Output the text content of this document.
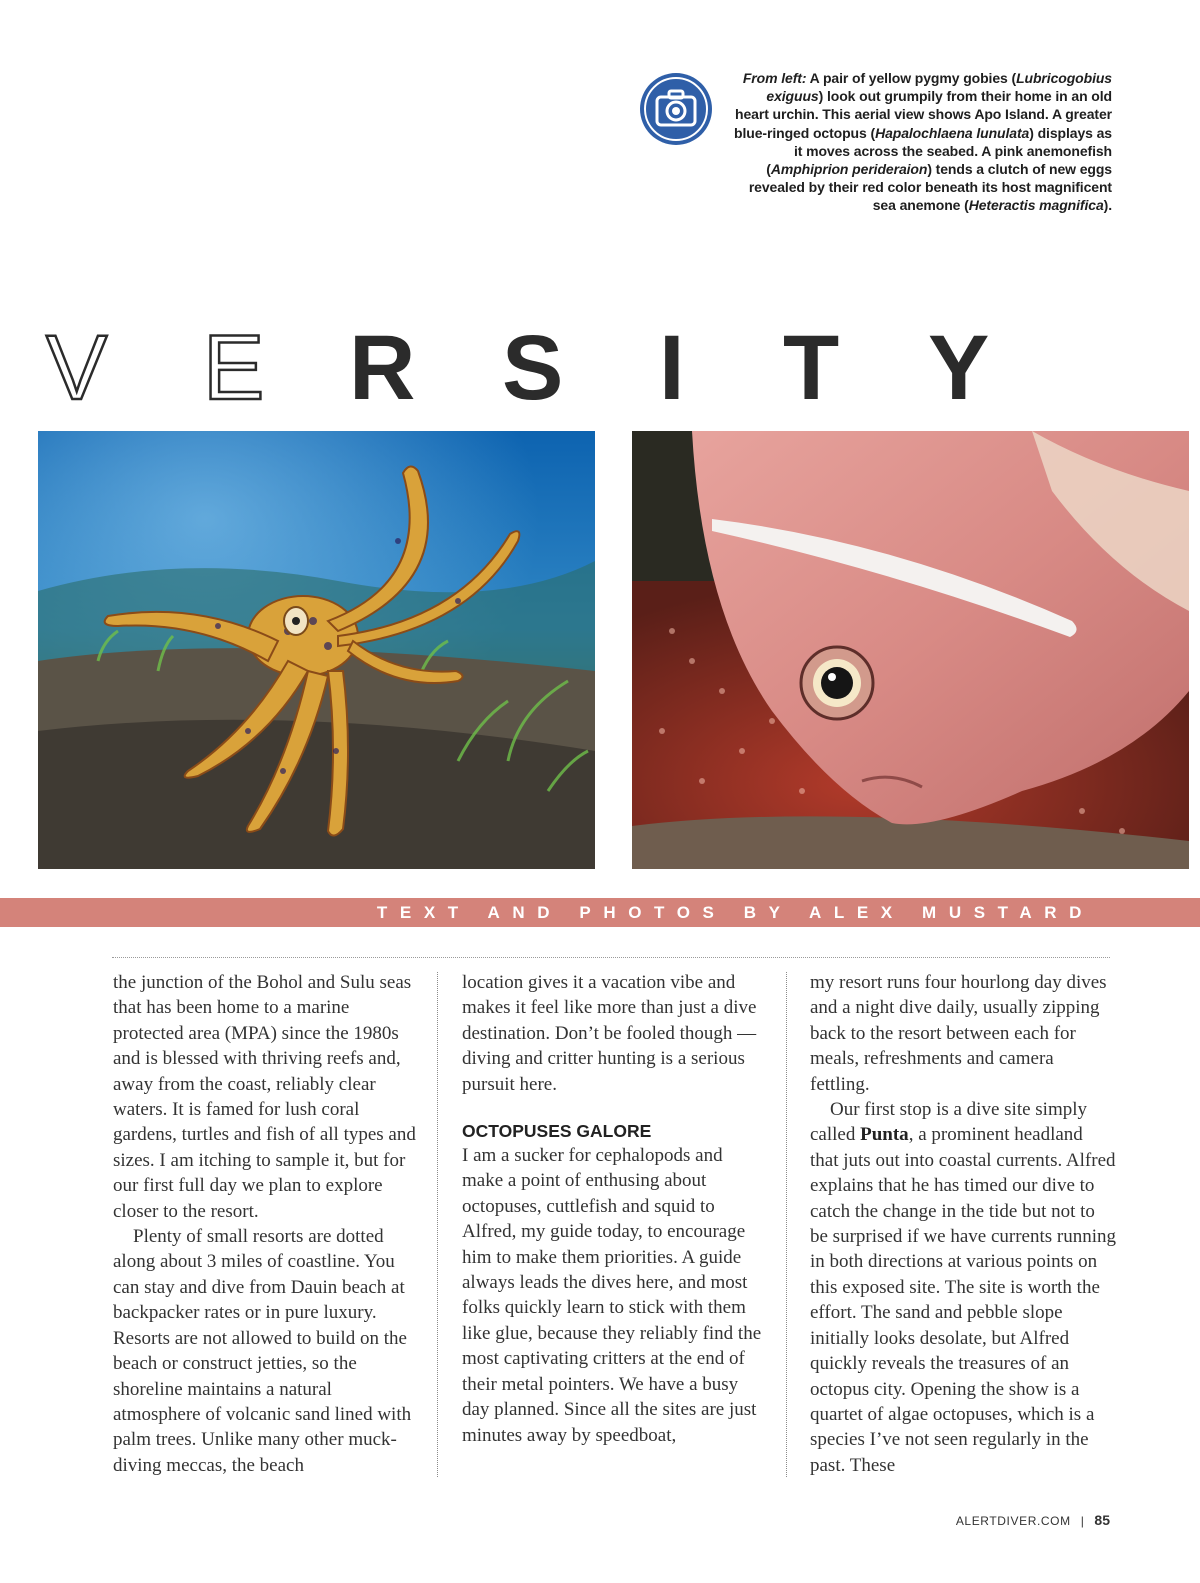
From left: A pair of yellow pygmy gobies (Lubricogobius exiguus) look out grumpily from their home in an old heart urchin. This aerial view shows Apo Island. A greater blue-ringed octopus (Hapalochlaena lunulata) displays as it moves across the seabed. A pink anemonefish (Amphiprion perideraion) tends a clutch of new eggs revealed by their red color beneath its host magnificent sea anemone (Heteractis magnifica).
V E R S I T Y
TEXT AND PHOTOS BY ALEX MUSTARD

the junction of the Bohol and Sulu seas that has been home to a marine protected area (MPA) since the 1980s and is blessed with thriving reefs and, away from the coast, reliably clear waters. It is famed for lush coral gardens, turtles and fish of all types and sizes. I am itching to sample it, but for our first full day we plan to explore closer to the resort.

Plenty of small resorts are dotted along about 3 miles of coastline. You can stay and dive from Dauin beach at backpacker rates or in pure luxury. Resorts are not allowed to build on the beach or construct jetties, so the shoreline maintains a natural atmosphere of volcanic sand lined with palm trees. Unlike many other muck-diving meccas, the beach

location gives it a vacation vibe and makes it feel like more than just a dive destination. Don’t be fooled though — diving and critter hunting is a serious pursuit here.

OCTOPUSES GALORE

I am a sucker for cephalopods and make a point of enthusing about octopuses, cuttlefish and squid to Alfred, my guide today, to encourage him to make them priorities. A guide always leads the dives here, and most folks quickly learn to stick with them like glue, because they reliably find the most captivating critters at the end of their metal pointers. We have a busy day planned. Since all the sites are just minutes away by speedboat,

my resort runs four hourlong day dives and a night dive daily, usually zipping back to the resort between each for meals, refreshments and camera fettling.

Our first stop is a dive site simply called Punta, a prominent headland that juts out into coastal currents. Alfred explains that he has timed our dive to catch the change in the tide but not to be surprised if we have currents running in both directions at various points on this exposed site. The site is worth the effort. The sand and pebble slope initially looks desolate, but Alfred quickly reveals the treasures of an octopus city. Opening the show is a quartet of algae octopuses, which is a species I’ve not seen regularly in the past. These

ALERTDIVER.COM | 85
